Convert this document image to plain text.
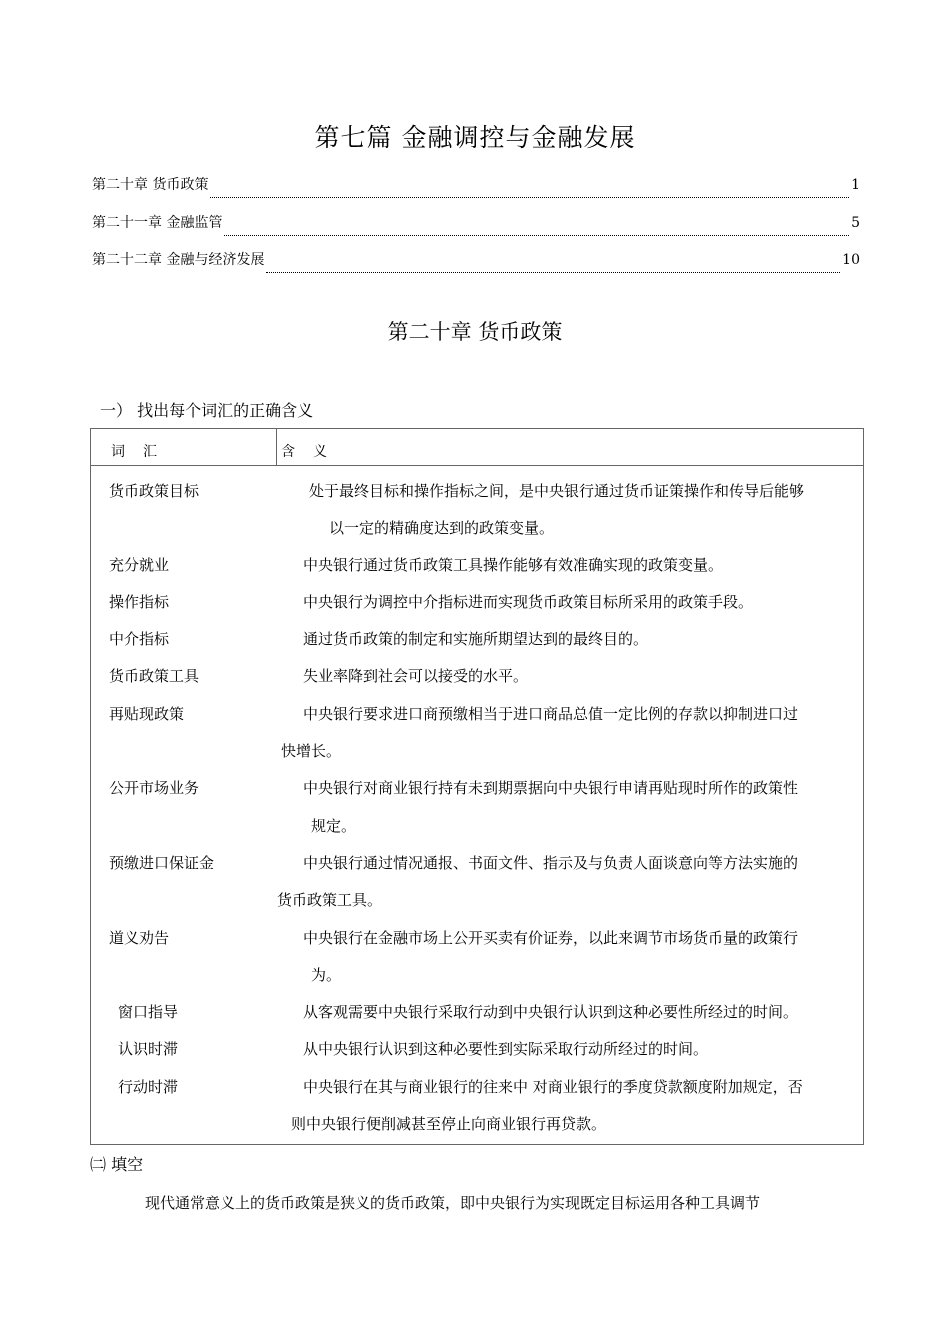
第七篇 金融调控与金融发展
第二十章 货币政策	1
第二十一章 金融监管	5
第二十二章 金融与经济发展	10
第二十章 货币政策
一） 找出每个词汇的正确含义
词汇	含义
货币政策目标	处于最终目标和操作指标之间，是中央银行通过货币证策操作和传导后能够
以一定的精确度达到的政策变量。
充分就业	中央银行通过货币政策工具操作能够有效准确实现的政策变量。
操作指标	中央银行为调控中介指标进而实现货币政策目标所采用的政策手段。
中介指标	通过货币政策的制定和实施所期望达到的最终目的。
货币政策工具	失业率降到社会可以接受的水平。
再贴现政策	中央银行要求进口商预缴相当于进口商品总值一定比例的存款以抑制进口过
快增长。
公开市场业务	中央银行对商业银行持有未到期票据向中央银行申请再贴现时所作的政策性
规定。
预缴进口保证金	中央银行通过情况通报、书面文件、指示及与负责人面谈意向等方法实施的
货币政策工具。
道义劝告	中央银行在金融市场上公开买卖有价证券，以此来调节市场货币量的政策行
为。
窗口指导	从客观需要中央银行采取行动到中央银行认识到这种必要性所经过的时间。
认识时滞	从中央银行认识到这种必要性到实际采取行动所经过的时间。
行动时滞	中央银行在其与商业银行的往来中 对商业银行的季度贷款额度附加规定，否
则中央银行便削减甚至停止向商业银行再贷款。
㈡ 填空
现代通常意义上的货币政策是狭义的货币政策，即中央银行为实现既定目标运用各种工具调节
